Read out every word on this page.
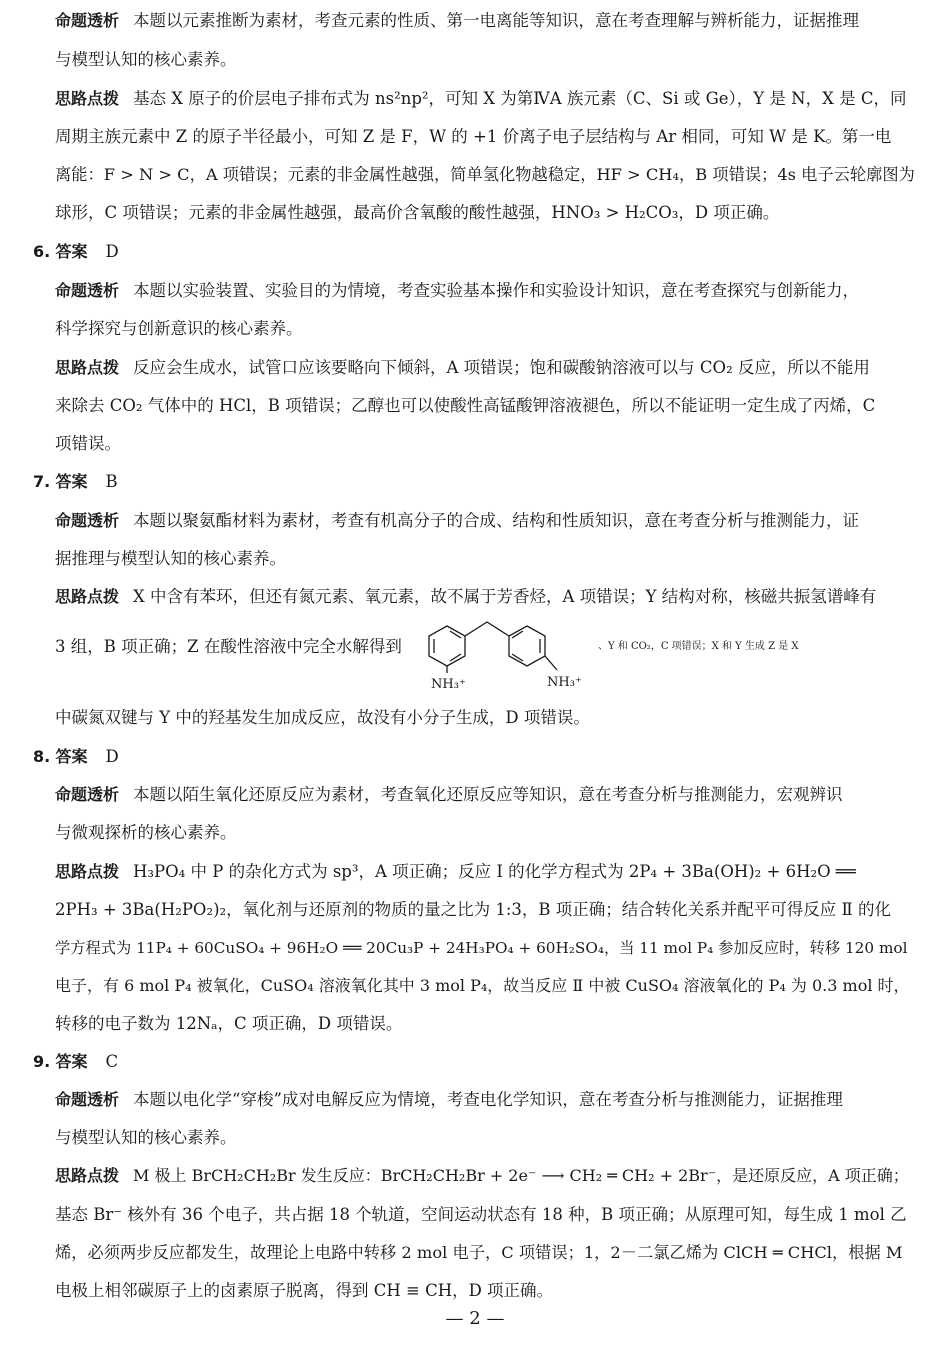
命题透析 本题以元素推断为素材，考查元素的性质、第一电离能等知识，意在考查理解与辨析能力，证据推理
与模型认知的核心素养。
思路点拨 基态 X 原子的价层电子排布式为 ns²np²，可知 X 为第ⅣA 族元素（C、Si 或 Ge），Y 是 N，X 是 C，同
周期主族元素中 Z 的原子半径最小，可知 Z 是 F，W 的 +1 价离子电子层结构与 Ar 相同，可知 W 是 K。第一电
离能：F > N > C，A 项错误；元素的非金属性越强，简单氢化物越稳定，HF > CH₄，B 项错误；4s 电子云轮廓图为
球形，C 项错误；元素的非金属性越强，最高价含氧酸的酸性越强，HNO₃ > H₂CO₃，D 项正确。
6. 答案 D
命题透析 本题以实验装置、实验目的为情境，考查实验基本操作和实验设计知识，意在考查探究与创新能力，
科学探究与创新意识的核心素养。
思路点拨 反应会生成水，试管口应该要略向下倾斜，A 项错误；饱和碳酸钠溶液可以与 CO₂ 反应，所以不能用
来除去 CO₂ 气体中的 HCl，B 项错误；乙醇也可以使酸性高锰酸钾溶液褪色，所以不能证明一定生成了丙烯，C
项错误。
7. 答案 B
命题透析 本题以聚氨酯材料为素材，考查有机高分子的合成、结构和性质知识，意在考查分析与推测能力，证
据推理与模型认知的核心素养。
思路点拨 X 中含有苯环，但还有氮元素、氧元素，故不属于芳香烃，A 项错误；Y 结构对称，核磁共振氢谱峰有
3 组，B 项正确；Z 在酸性溶液中完全水解得到	、Y 和 CO₂，C 项错误；X 和 Y 生成 Z 是 X
NH₃⁺	NH₃⁺
中碳氮双键与 Y 中的羟基发生加成反应，故没有小分子生成，D 项错误。
8. 答案 D
命题透析 本题以陌生氧化还原反应为素材，考查氧化还原反应等知识，意在考查分析与推测能力，宏观辨识
与微观探析的核心素养。
思路点拨 H₃PO₄ 中 P 的杂化方式为 sp³，A 项正确；反应 Ⅰ 的化学方程式为 2P₄ + 3Ba(OH)₂ + 6H₂O ══
2PH₃ + 3Ba(H₂PO₂)₂，氧化剂与还原剂的物质的量之比为 1:3，B 项正确；结合转化关系并配平可得反应 Ⅱ 的化
学方程式为 11P₄ + 60CuSO₄ + 96H₂O ══ 20Cu₃P + 24H₃PO₄ + 60H₂SO₄，当 11 mol P₄ 参加反应时，转移 120 mol
电子，有 6 mol P₄ 被氧化，CuSO₄ 溶液氧化其中 3 mol P₄，故当反应 Ⅱ 中被 CuSO₄ 溶液氧化的 P₄ 为 0.3 mol 时，
转移的电子数为 12Nₐ，C 项正确，D 项错误。
9. 答案 C
命题透析 本题以电化学“穿梭”成对电解反应为情境，考查电化学知识，意在考查分析与推测能力，证据推理
与模型认知的核心素养。
思路点拨 M 极上 BrCH₂CH₂Br 发生反应：BrCH₂CH₂Br + 2e⁻ ⟶ CH₂ ═ CH₂ + 2Br⁻，是还原反应，A 项正确；
基态 Br⁻ 核外有 36 个电子，共占据 18 个轨道，空间运动状态有 18 种，B 项正确；从原理可知，每生成 1 mol 乙
烯，必须两步反应都发生，故理论上电路中转移 2 mol 电子，C 项错误；1，2－二氯乙烯为 ClCH ═ CHCl，根据 M
电极上相邻碳原子上的卤素原子脱离，得到 CH ≡ CH，D 项正确。
— 2 —
